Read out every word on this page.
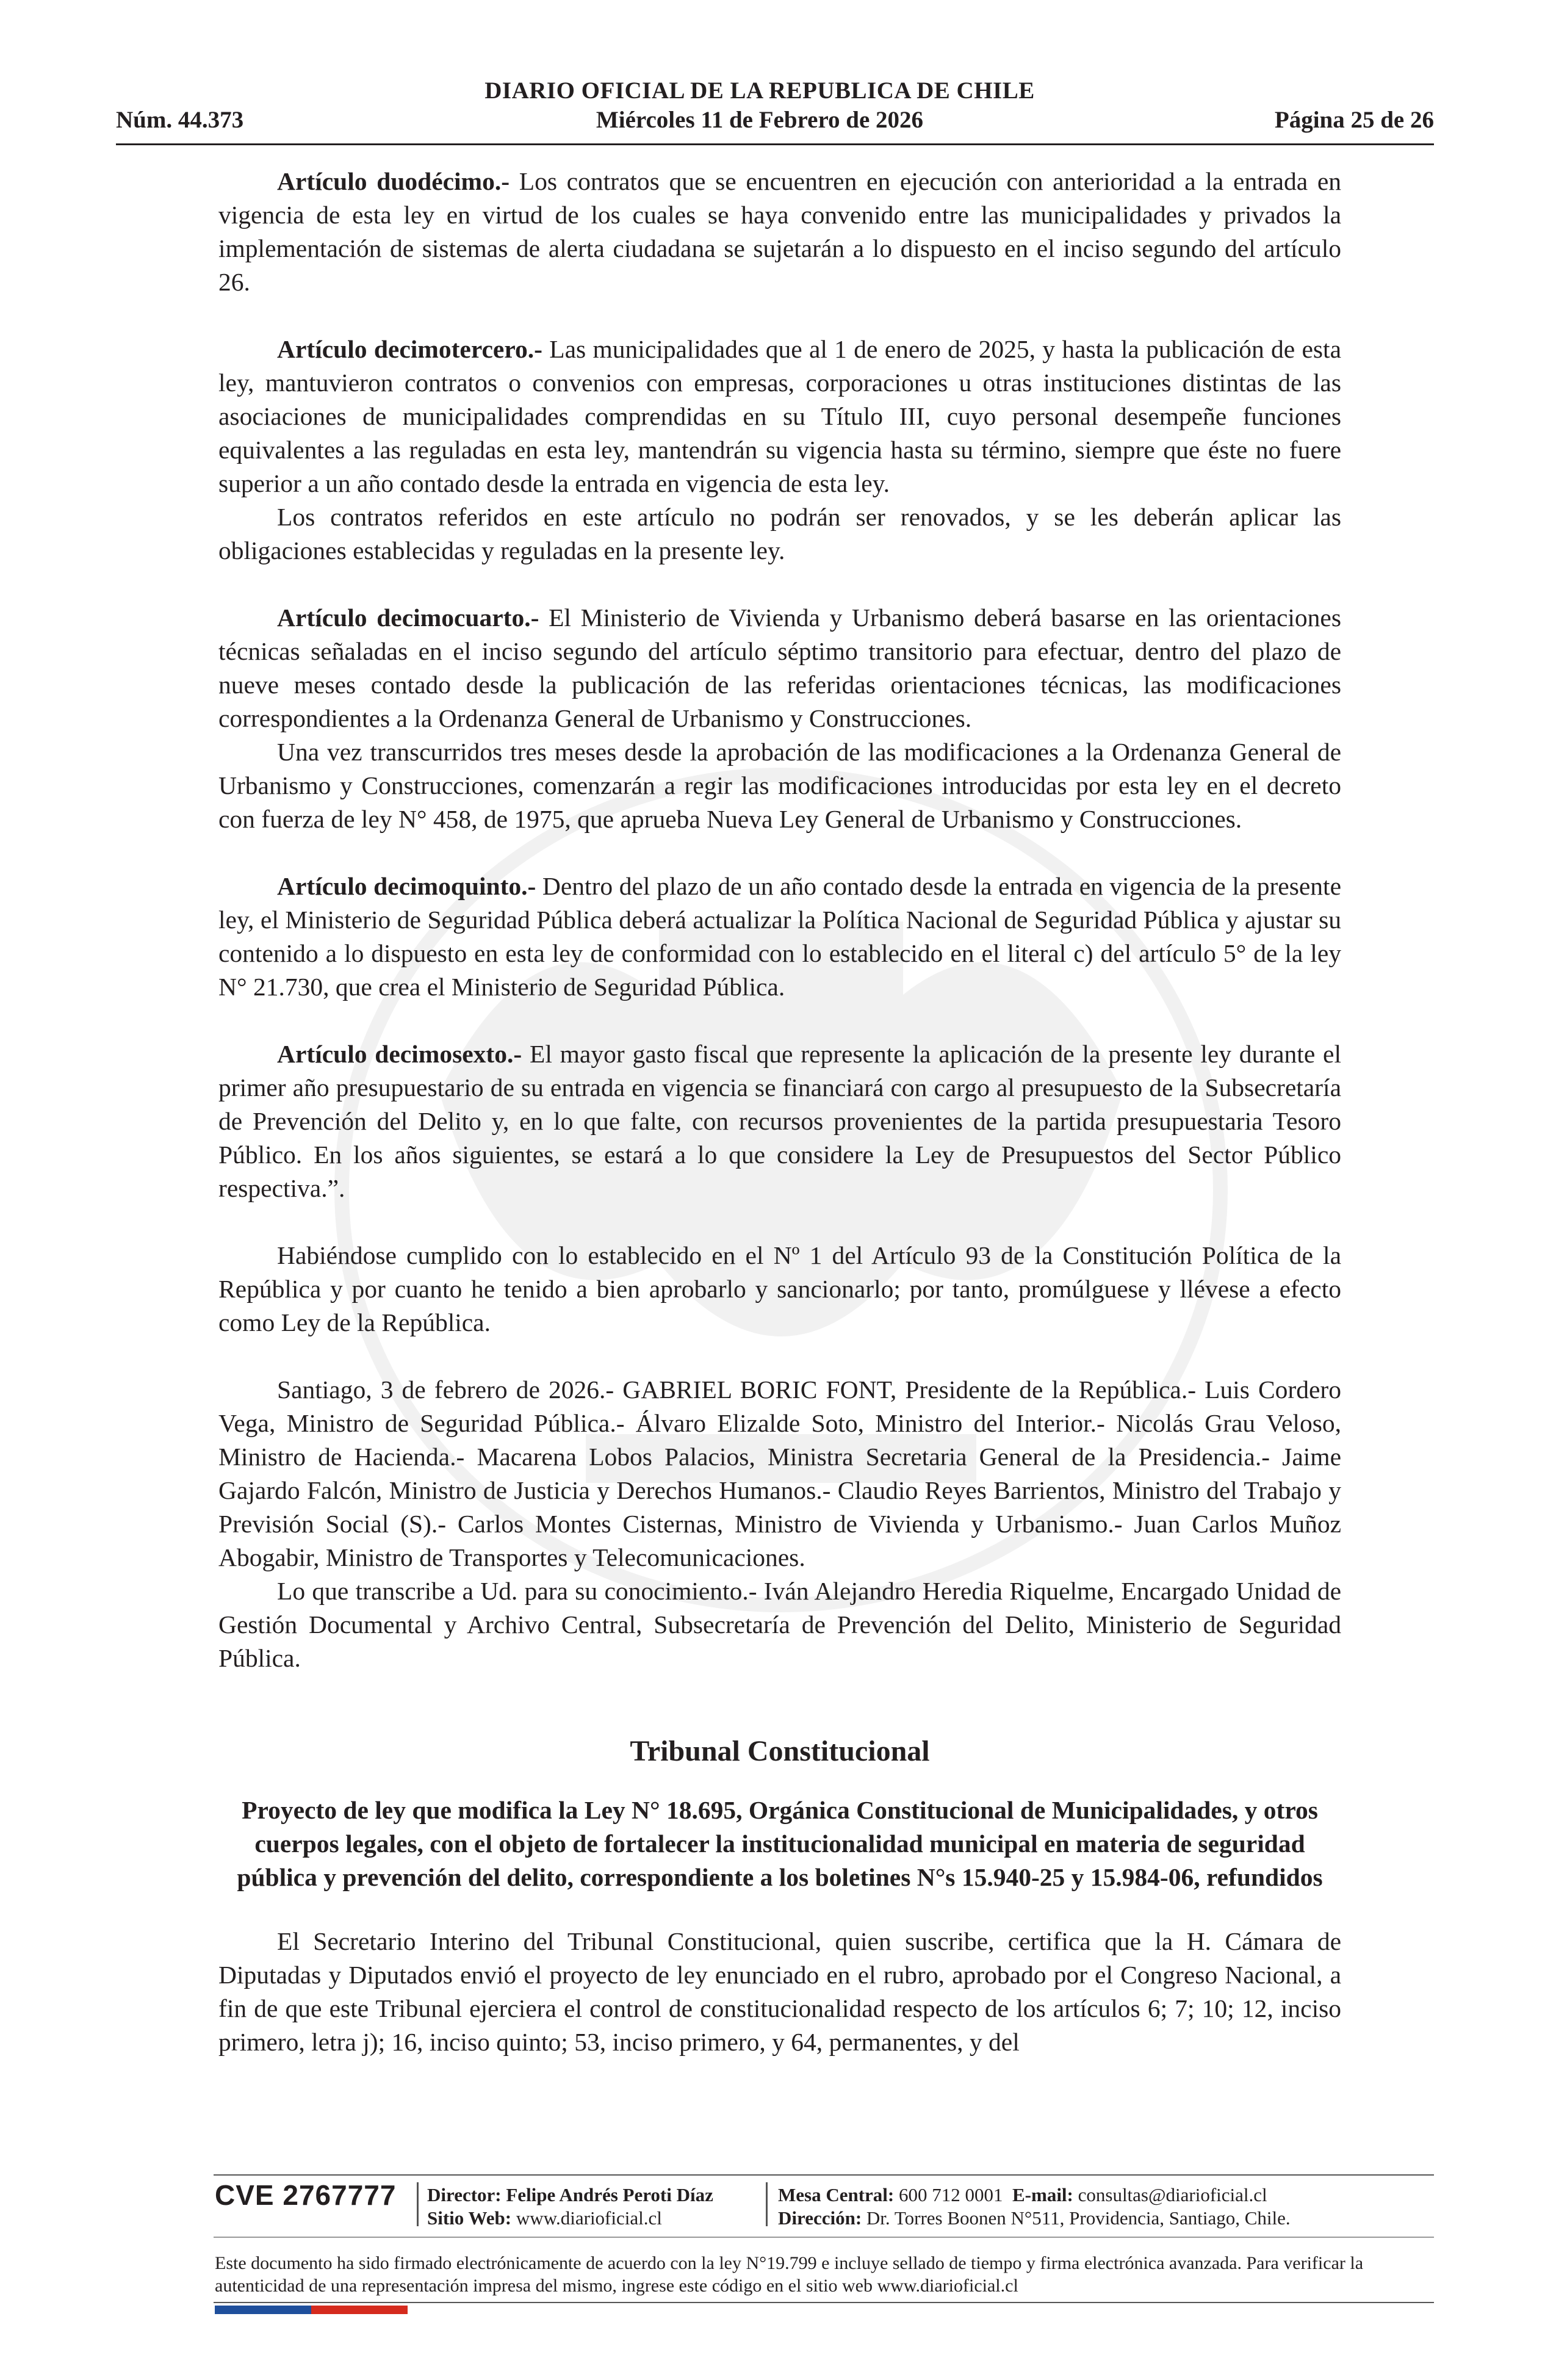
DIARIO OFICIAL DE LA REPUBLICA DE CHILE
Núm. 44.373	Miércoles 11 de Febrero de 2026	Página 25 de 26

Artículo duodécimo.- Los contratos que se encuentren en ejecución con anterioridad a la entrada en vigencia de esta ley en virtud de los cuales se haya convenido entre las municipalidades y privados la implementación de sistemas de alerta ciudadana se sujetarán a lo dispuesto en el inciso segundo del artículo 26.

Artículo decimotercero.- Las municipalidades que al 1 de enero de 2025, y hasta la publicación de esta ley, mantuvieron contratos o convenios con empresas, corporaciones u otras instituciones distintas de las asociaciones de municipalidades comprendidas en su Título III, cuyo personal desempeñe funciones equivalentes a las reguladas en esta ley, mantendrán su vigencia hasta su término, siempre que éste no fuere superior a un año contado desde la entrada en vigencia de esta ley.

Los contratos referidos en este artículo no podrán ser renovados, y se les deberán aplicar las obligaciones establecidas y reguladas en la presente ley.

Artículo decimocuarto.- El Ministerio de Vivienda y Urbanismo deberá basarse en las orientaciones técnicas señaladas en el inciso segundo del artículo séptimo transitorio para efectuar, dentro del plazo de nueve meses contado desde la publicación de las referidas orientaciones técnicas, las modificaciones correspondientes a la Ordenanza General de Urbanismo y Construcciones.

Una vez transcurridos tres meses desde la aprobación de las modificaciones a la Ordenanza General de Urbanismo y Construcciones, comenzarán a regir las modificaciones introducidas por esta ley en el decreto con fuerza de ley N° 458, de 1975, que aprueba Nueva Ley General de Urbanismo y Construcciones.

Artículo decimoquinto.- Dentro del plazo de un año contado desde la entrada en vigencia de la presente ley, el Ministerio de Seguridad Pública deberá actualizar la Política Nacional de Seguridad Pública y ajustar su contenido a lo dispuesto en esta ley de conformidad con lo establecido en el literal c) del artículo 5° de la ley N° 21.730, que crea el Ministerio de Seguridad Pública.

Artículo decimosexto.- El mayor gasto fiscal que represente la aplicación de la presente ley durante el primer año presupuestario de su entrada en vigencia se financiará con cargo al presupuesto de la Subsecretaría de Prevención del Delito y, en lo que falte, con recursos provenientes de la partida presupuestaria Tesoro Público. En los años siguientes, se estará a lo que considere la Ley de Presupuestos del Sector Público respectiva.”.

Habiéndose cumplido con lo establecido en el Nº 1 del Artículo 93 de la Constitución Política de la República y por cuanto he tenido a bien aprobarlo y sancionarlo; por tanto, promúlguese y llévese a efecto como Ley de la República.

Santiago, 3 de febrero de 2026.- GABRIEL BORIC FONT, Presidente de la República.- Luis Cordero Vega, Ministro de Seguridad Pública.- Álvaro Elizalde Soto, Ministro del Interior.- Nicolás Grau Veloso, Ministro de Hacienda.- Macarena Lobos Palacios, Ministra Secretaria General de la Presidencia.- Jaime Gajardo Falcón, Ministro de Justicia y Derechos Humanos.- Claudio Reyes Barrientos, Ministro del Trabajo y Previsión Social (S).- Carlos Montes Cisternas, Ministro de Vivienda y Urbanismo.- Juan Carlos Muñoz Abogabir, Ministro de Transportes y Telecomunicaciones.

Lo que transcribe a Ud. para su conocimiento.- Iván Alejandro Heredia Riquelme, Encargado Unidad de Gestión Documental y Archivo Central, Subsecretaría de Prevención del Delito, Ministerio de Seguridad Pública.

Tribunal Constitucional
Proyecto de ley que modifica la Ley N° 18.695, Orgánica Constitucional de Municipalidades, y otros cuerpos legales, con el objeto de fortalecer la institucionalidad municipal en materia de seguridad pública y prevención del delito, correspondiente a los boletines N°s 15.940-25 y 15.984-06, refundidos

El Secretario Interino del Tribunal Constitucional, quien suscribe, certifica que la H. Cámara de Diputadas y Diputados envió el proyecto de ley enunciado en el rubro, aprobado por el Congreso Nacional, a fin de que este Tribunal ejerciera el control de constitucionalidad respecto de los artículos 6; 7; 10; 12, inciso primero, letra j); 16, inciso quinto; 53, inciso primero, y 64, permanentes, y del

CVE 2767777 Director: Felipe Andrés Peroti Díaz
Sitio Web: www.diarioficial.cl
Mesa Central: 600 712 0001 E-mail: consultas@diarioficial.cl
Dirección: Dr. Torres Boonen N°511, Providencia, Santiago, Chile.
Este documento ha sido firmado electrónicamente de acuerdo con la ley N°19.799 e incluye sellado de tiempo y firma electrónica avanzada. Para verificar la autenticidad de una representación impresa del mismo, ingrese este código en el sitio web www.diarioficial.cl
